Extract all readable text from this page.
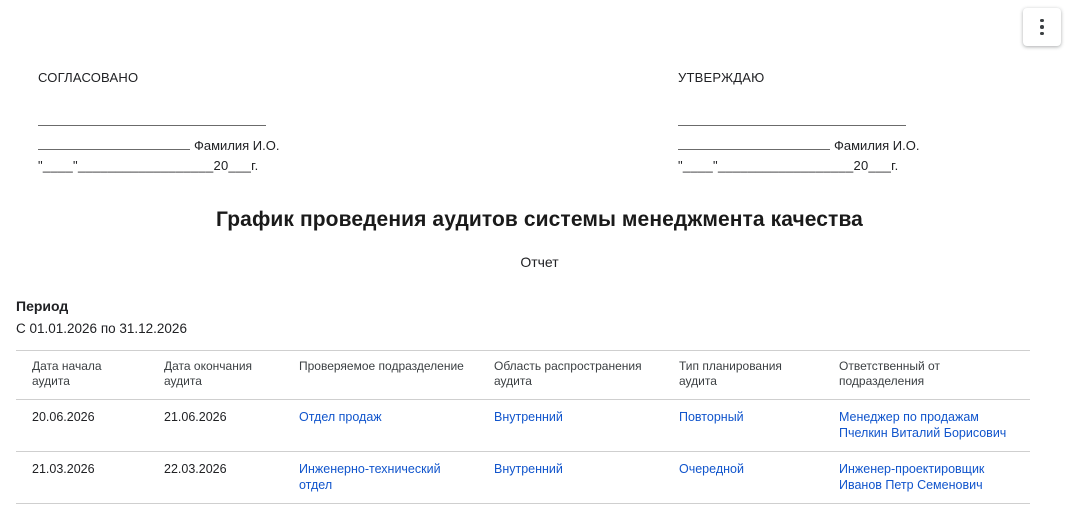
СОГЛАСОВАНО
Фамилия И.О.
"____"__________________20___г.
УТВЕРЖДАЮ
Фамилия И.О.
"____"__________________20___г.
График проведения аудитов системы менеджмента качества
Отчет
Период
С 01.01.2026 по 31.12.2026
Дата начала аудита	Дата окончания аудита	Проверяемое подразделение	Область распространения аудита	Тип планирования аудита	Ответственный от подразделения
20.06.2026	21.06.2026	Отдел продаж	Внутренний	Повторный	Менеджер по продажам
Пчелкин Виталий Борисович

21.03.2026	22.03.2026	Инженерно-технический отдел	Внутренний	Очередной	Инженер-проектировщик
Иванов Петр Семенович
